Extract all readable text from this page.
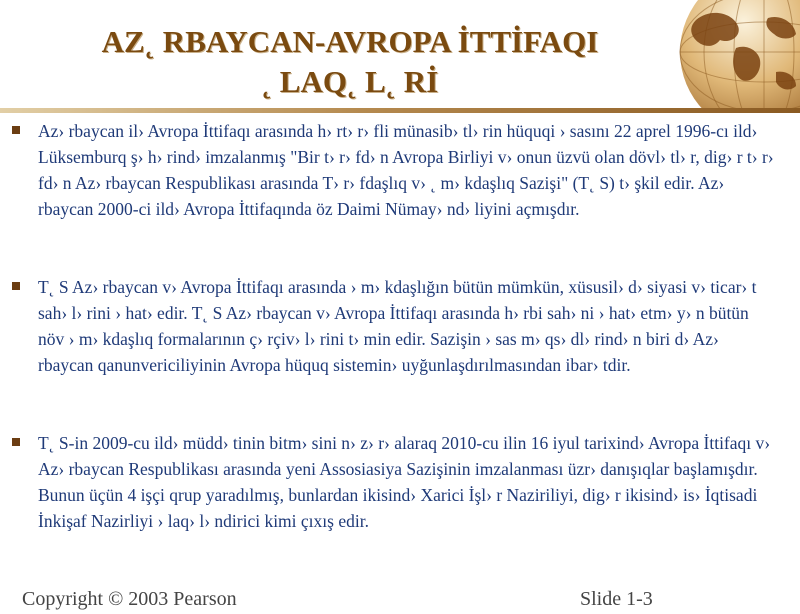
AZ˛ RBAYCAN-AVROPA İTTİFAQI
˛ LAQ˛ L˛ Rİ
Az› rbaycan il› Avropa İttifaqı arasında h› rt› r› fli münasib› tl› rin hüquqi › sasını 22 aprel 1996-cı ild› Lüksemburq ş› h› rind› imzalanmış "Bir t› r› fd› n Avropa Birliyi v› onun üzvü olan dövl› tl› r, dig› r t› r› fd› n Az› rbaycan Respublikası arasında T› r› fdaşlıq v› ˛ m› kdaşlıq Sazişi" (T˛ S) t› şkil edir. Az› rbaycan 2000-ci ild› Avropa İttifaqında öz Daimi Nümay› nd› liyini açmışdır.
T˛ S Az› rbaycan v› Avropa İttifaqı arasında › m› kdaşlığın bütün mümkün, xüsusil› d› siyasi v› ticar› t sah› l› rini › hat› edir. T˛ S Az› rbaycan v› Avropa İttifaqı arasında h› rbi sah› ni › hat› etm› y› n bütün növ › m› kdaşlıq formalarının ç› rçiv› l› rini t› min edir. Sazişin › sas m› qs› dl› rind› n biri d› Az› rbaycan qanunvericiliyinin Avropa hüquq sistemin› uyğunlaşdırılmasından ibar› tdir.
T˛ S-in 2009-cu ild› müdd› tinin bitm› sini n› z› r› alaraq 2010-cu ilin 16 iyul tarixind› Avropa İttifaqı v› Az› rbaycan Respublikası arasında yeni Assosiasiya Sazişinin imzalanması üzr› danışıqlar başlamışdır. Bunun üçün 4 işçi qrup yaradılmış, bunlardan ikisind› Xarici İşl› r Naziriliyi, dig› r ikisind› is› İqtisadi İnkişaf Nazirliyi › laq› l› ndirici kimi çıxış edir.
Copyright © 2003 Pearson	Slide 1-3
